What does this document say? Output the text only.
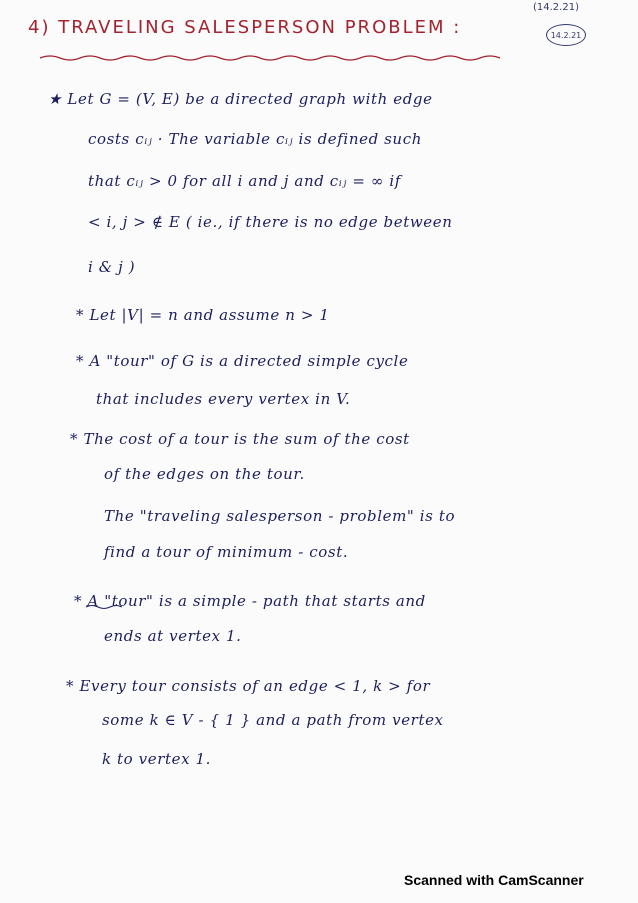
(14.2.21)
14.2.21
4) TRAVELING SALESPERSON PROBLEM :
★ Let G = (V, E) be a directed graph with edge
costs cᵢⱼ · The variable cᵢⱼ is defined such
that cᵢⱼ > 0 for all i and j and cᵢⱼ = ∞ if
< i, j > ∉ E ( ie., if there is no edge between
i & j )
* Let |V| = n and assume n > 1
* A "tour" of G is a directed simple cycle
that includes every vertex in V.
* The cost of a tour is the sum of the cost
of the edges on the tour.
The "traveling salesperson - problem" is to
find a tour of minimum - cost.
* A "tour" is a simple - path that starts and
ends at vertex 1.
* Every tour consists of an edge < 1, k > for
some k ∈ V - { 1 } and a path from vertex
k to vertex 1.
Scanned with CamScanner
